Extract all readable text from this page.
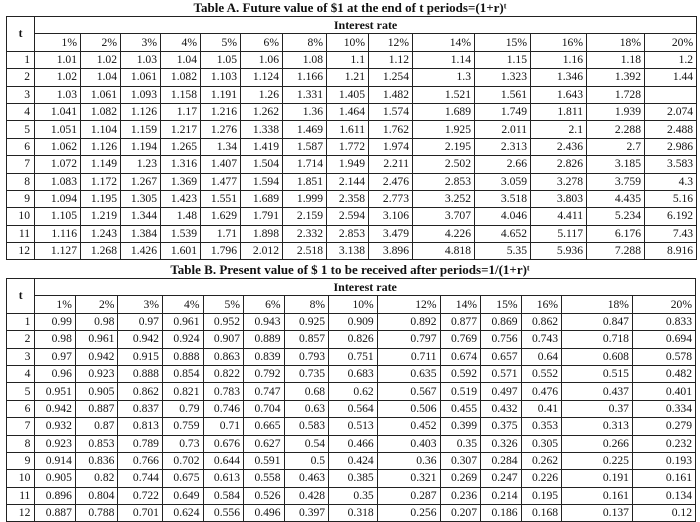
Table A. Future value of $1 at the end of t periods=(1+r)ᵗ
t	Interest rate													
	1%	2%	3%	4%	5%	6%	8%	10%	12%	14%	15%	16%	18%	20%
1	1.01	1.02	1.03	1.04	1.05	1.06	1.08	1.1	1.12	1.14	1.15	1.16	1.18	1.2
2	1.02	1.04	1.061	1.082	1.103	1.124	1.166	1.21	1.254	1.3	1.323	1.346	1.392	1.44
3	1.03	1.061	1.093	1.158	1.191	1.26	1.331	1.405	1.482	1.521	1.561	1.643	1.728	
4	1.041	1.082	1.126	1.17	1.216	1.262	1.36	1.464	1.574	1.689	1.749	1.811	1.939	2.074
5	1.051	1.104	1.159	1.217	1.276	1.338	1.469	1.611	1.762	1.925	2.011	2.1	2.288	2.488
6	1.062	1.126	1.194	1.265	1.34	1.419	1.587	1.772	1.974	2.195	2.313	2.436	2.7	2.986
7	1.072	1.149	1.23	1.316	1.407	1.504	1.714	1.949	2.211	2.502	2.66	2.826	3.185	3.583
8	1.083	1.172	1.267	1.369	1.477	1.594	1.851	2.144	2.476	2.853	3.059	3.278	3.759	4.3
9	1.094	1.195	1.305	1.423	1.551	1.689	1.999	2.358	2.773	3.252	3.518	3.803	4.435	5.16
10	1.105	1.219	1.344	1.48	1.629	1.791	2.159	2.594	3.106	3.707	4.046	4.411	5.234	6.192
11	1.116	1.243	1.384	1.539	1.71	1.898	2.332	2.853	3.479	4.226	4.652	5.117	6.176	7.43
12	1.127	1.268	1.426	1.601	1.796	2.012	2.518	3.138	3.896	4.818	5.35	5.936	7.288	8.916
Table B. Present value of $ 1 to be received after periods=1/(1+r)ᵗ
t	Interest rate													
	1%	2%	3%	4%	5%	6%	8%	10%	12%	14%	15%	16%	18%	20%
1	0.99	0.98	0.97	0.961	0.952	0.943	0.925	0.909	0.892	0.877	0.869	0.862	0.847	0.833
2	0.98	0.961	0.942	0.924	0.907	0.889	0.857	0.826	0.797	0.769	0.756	0.743	0.718	0.694
3	0.97	0.942	0.915	0.888	0.863	0.839	0.793	0.751	0.711	0.674	0.657	0.64	0.608	0.578
4	0.96	0.923	0.888	0.854	0.822	0.792	0.735	0.683	0.635	0.592	0.571	0.552	0.515	0.482
5	0.951	0.905	0.862	0.821	0.783	0.747	0.68	0.62	0.567	0.519	0.497	0.476	0.437	0.401
6	0.942	0.887	0.837	0.79	0.746	0.704	0.63	0.564	0.506	0.455	0.432	0.41	0.37	0.334
7	0.932	0.87	0.813	0.759	0.71	0.665	0.583	0.513	0.452	0.399	0.375	0.353	0.313	0.279
8	0.923	0.853	0.789	0.73	0.676	0.627	0.54	0.466	0.403	0.35	0.326	0.305	0.266	0.232
9	0.914	0.836	0.766	0.702	0.644	0.591	0.5	0.424	0.36	0.307	0.284	0.262	0.225	0.193
10	0.905	0.82	0.744	0.675	0.613	0.558	0.463	0.385	0.321	0.269	0.247	0.226	0.191	0.161
11	0.896	0.804	0.722	0.649	0.584	0.526	0.428	0.35	0.287	0.236	0.214	0.195	0.161	0.134
12	0.887	0.788	0.701	0.624	0.556	0.496	0.397	0.318	0.256	0.207	0.186	0.168	0.137	0.12
